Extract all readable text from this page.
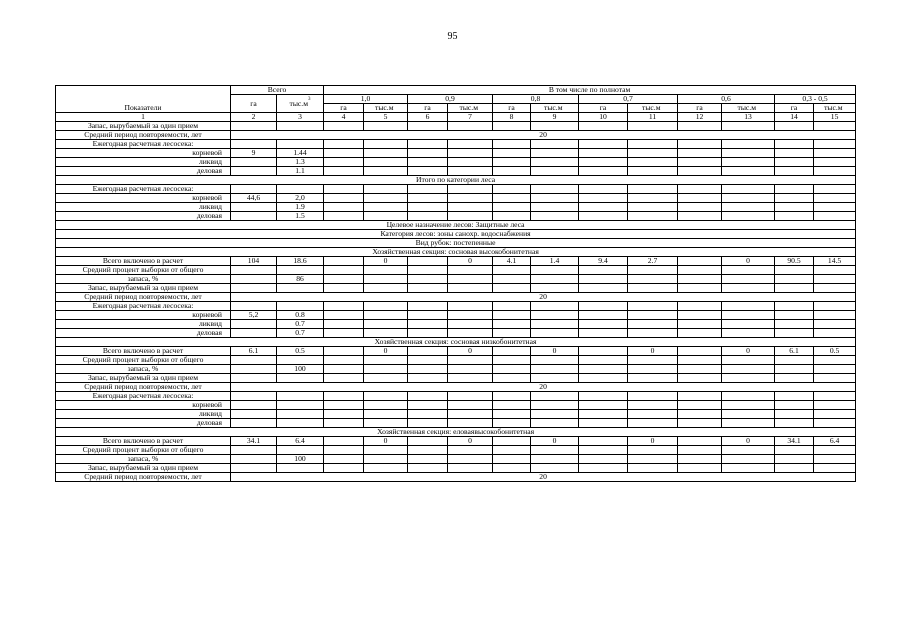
95
Показатели	Всего		В том числе по полнотам											
	га	$тыс.м^3$	1,0		0,9		0,8		0,7		0,6		0,3 - 0,5	
			га	$тыс.м^3$	га	$тыс.м^3$	га	$тыс.м^3$	га	$тыс.м^3$	га	$тыс.м^3$	га	$тыс.м^3$
1	2	3	4	5	6	7	8	9	10	11	12	13	14	15
Запас, вырубаемый за один прием														
Средний период повторяемости, лет	20													
Ежегодная расчетная лесосека:														
корневой	9	1.44												
ликвид		1.3												
деловая		1.1												
Итого по категории леса														
Ежегодная расчетная лесосека:														
корневой	44,6	2,0												
ликвид		1.9												
деловая		1.5												
Целевое назначение лесов: Защитные леса														
Категория лесов: зоны санохр. водоснабжения														
Вид рубок: постепенные														
Хозяйственная секция: сосновая высокобонитетная														
Всего включено в расчет	104	18.6		0		0	4.1	1.4	9.4	2.7		0	90.5	14.5
Средний процент выборки от общего														
запаса, %		86												
Запас, вырубаемый за один прием														
Средний период повторяемости, лет	20													
Ежегодная расчетная лесосека:														
корневой	5,2	0.8												
ликвид		0.7												
деловая		0.7												
Хозяйственная секция: сосновая низкобонитетная														
Всего включено в расчет	6.1	0.5		0		0		0		0		0	6.1	0.5
Средний процент выборки от общего														
запаса, %		100												
Запас, вырубаемый за один прием														
Средний период повторяемости, лет	20													
Ежегодная расчетная лесосека:														
корневой														
ликвид														
деловая														
Хозяйственная секция: еловаявысокобонитетная														
Всего включено в расчет	34.1	6.4		0		0		0		0		0	34.1	6.4
Средний процент выборки от общего														
запаса, %		100												
Запас, вырубаемый за один прием														
Средний период повторяемости, лет	20													
